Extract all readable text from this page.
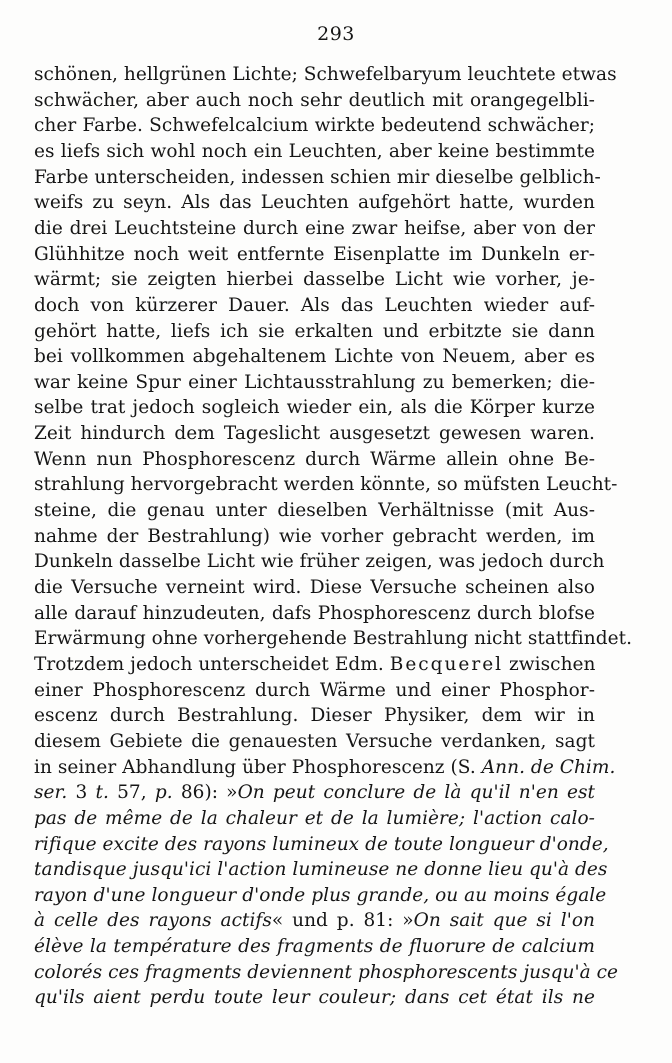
293
schönen, hellgrünen Lichte; Schwefelbaryum leuchtete etwas
schwächer, aber auch noch sehr deutlich mit orangegelbli-
cher Farbe. Schwefelcalcium wirkte bedeutend schwächer;
es liefs sich wohl noch ein Leuchten, aber keine bestimmte
Farbe unterscheiden, indessen schien mir dieselbe gelblich-
weifs zu seyn. Als das Leuchten aufgehört hatte, wurden
die drei Leuchtsteine durch eine zwar heifse, aber von der
Glühhitze noch weit entfernte Eisenplatte im Dunkeln er-
wärmt; sie zeigten hierbei dasselbe Licht wie vorher, je-
doch von kürzerer Dauer. Als das Leuchten wieder auf-
gehört hatte, liefs ich sie erkalten und erbitzte sie dann
bei vollkommen abgehaltenem Lichte von Neuem, aber es
war keine Spur einer Lichtausstrahlung zu bemerken; die-
selbe trat jedoch sogleich wieder ein, als die Körper kurze
Zeit hindurch dem Tageslicht ausgesetzt gewesen waren.
Wenn nun Phosphorescenz durch Wärme allein ohne Be-
strahlung hervorgebracht werden könnte, so müfsten Leucht-
steine, die genau unter dieselben Verhältnisse (mit Aus-
nahme der Bestrahlung) wie vorher gebracht werden, im
Dunkeln dasselbe Licht wie früher zeigen, was jedoch durch
die Versuche verneint wird. Diese Versuche scheinen also
alle darauf hinzudeuten, dafs Phosphorescenz durch blofse
Erwärmung ohne vorhergehende Bestrahlung nicht stattfindet.
Trotzdem jedoch unterscheidet Edm. Becquerel zwischen
einer Phosphorescenz durch Wärme und einer Phosphor-
escenz durch Bestrahlung. Dieser Physiker, dem wir in
diesem Gebiete die genauesten Versuche verdanken, sagt
in seiner Abhandlung über Phosphorescenz (S. Ann. de Chim.
ser. 3 t. 57, p. 86): »On peut conclure de là qu'il n'en est
pas de même de la chaleur et de la lumière; l'action calo-
rifique excite des rayons lumineux de toute longueur d'onde,
tandisque jusqu'ici l'action lumineuse ne donne lieu qu'à des
rayon d'une longueur d'onde plus grande, ou au moins égale
à celle des rayons actifs« und p. 81: »On sait que si l'on
élève la température des fragments de fluorure de calcium
colorés ces fragments deviennent phosphorescents jusqu'à ce
qu'ils aient perdu toute leur couleur; dans cet état ils ne
